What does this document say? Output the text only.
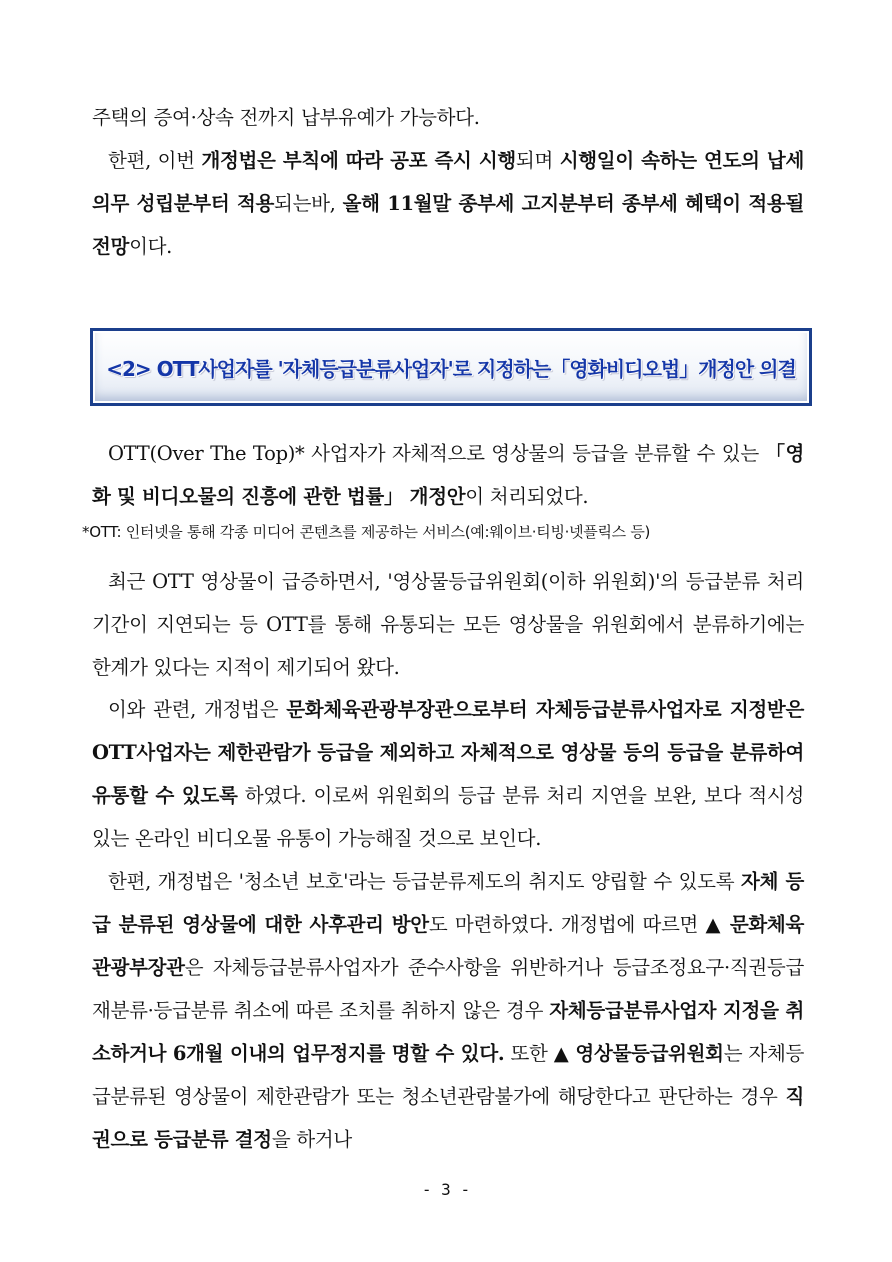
주택의 증여·상속 전까지 납부유예가 가능하다.

한편, 이번 개정법은 부칙에 따라 공포 즉시 시행되며 시행일이 속하는 연도의 납세의무 성립분부터 적용되는바, 올해 11월말 종부세 고지분부터 종부세 혜택이 적용될 전망이다.

<2> OTT사업자를 '자체등급분류사업자'로 지정하는「영화비디오법」개정안 의결

OTT(Over The Top)* 사업자가 자체적으로 영상물의 등급을 분류할 수 있는 「영화 및 비디오물의 진흥에 관한 법률」 개정안이 처리되었다.

*OTT: 인터넷을 통해 각종 미디어 콘텐츠를 제공하는 서비스(예:웨이브·티빙·넷플릭스 등)

최근 OTT 영상물이 급증하면서, '영상물등급위원회(이하 위원회)'의 등급분류 처리 기간이 지연되는 등 OTT를 통해 유통되는 모든 영상물을 위원회에서 분류하기에는 한계가 있다는 지적이 제기되어 왔다.

이와 관련, 개정법은 문화체육관광부장관으로부터 자체등급분류사업자로 지정받은 OTT사업자는 제한관람가 등급을 제외하고 자체적으로 영상물 등의 등급을 분류하여 유통할 수 있도록 하였다. 이로써 위원회의 등급 분류 처리 지연을 보완, 보다 적시성 있는 온라인 비디오물 유통이 가능해질 것으로 보인다.

한편, 개정법은 '청소년 보호'라는 등급분류제도의 취지도 양립할 수 있도록 자체 등급 분류된 영상물에 대한 사후관리 방안도 마련하였다. 개정법에 따르면 ▲ 문화체육관광부장관은 자체등급분류사업자가 준수사항을 위반하거나 등급조정요구·직권등급재분류·등급분류 취소에 따른 조치를 취하지 않은 경우 자체등급분류사업자 지정을 취소하거나 6개월 이내의 업무정지를 명할 수 있다. 또한 ▲ 영상물등급위원회는 자체등급분류된 영상물이 제한관람가 또는 청소년관람불가에 해당한다고 판단하는 경우 직권으로 등급분류 결정을 하거나

- 3 -
